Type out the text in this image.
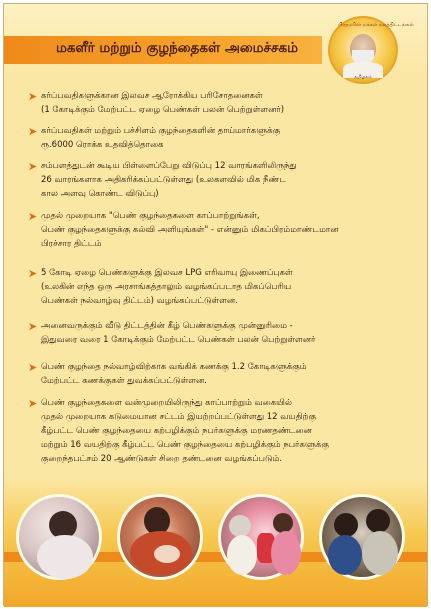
மகளீர் மற்றும் குழந்தைகள் அமைச்சகம்
பிரதமரின் மக்கள் நலத்திட்டங்கள்
தமிழகம்
➤ கர்ப்பவதிகளுக்கான இலவச ஆரோக்கிய பரிசோதனைகள்
(1 கோடிக்கும் மேற்பட்ட ஏழை பெண்கள் பலன் பெற்றுள்ளனர்)
➤ கர்ப்பவதிகள் மற்றும் பச்சிளம் குழந்தைகளின் தாய்மார்களுக்கு
ரூ.6000 ரொக்க உதவித்தொகை
➤ சம்பளத்துடன் கூடிய பிள்ளைப்பேறு விடுப்பு 12 வாரங்களிலிருந்து
26 வாரங்களாக அதிகரிக்கப்பட்டுள்ளது (உலகளவில் மிக நீண்ட
கால அளவு கொண்ட விடுப்பு)
➤ முதல் முறையாக "பெண் குழந்தைகளை காப்பாற்றுங்கள்,
பெண் குழந்தைகளுக்கு கல்வி அளியுங்கள்" - என்னும் மிகப்பிரம்மாண்டமான
பிரச்சார திட்டம்
➤ 5 கோடி ஏழை பெண்களுக்கு இலவச LPG எரிவாயு இணைப்புகள்
(உலகின் எந்த ஒரு அரசாங்கத்தாலும் வழங்கப்படாத மிகப்பெரிய
பெண்கள் நல்வாழ்வு திட்டம்) வழங்கப்பட்டுள்ளன.
➤ அனைவருக்கும் வீடு திட்டத்தின் கீழ் பெண்களுக்கு முன்னுரிமை -
இதுவரை வரை 1 கோடிக்கும் மேற்பட்ட பெண்கள் பலன் பெற்றுள்ளனர்
➤ பெண் குழந்தை நல்வாழ்விற்காக வங்கிக் கணக்கு 1.2 கோடிகளுக்கும்
மேற்பட்ட கணக்குகள் துவக்கப்பட்டுள்ளன.
➤ பெண் குழந்தைகளை வன்முறையிலிருந்து காப்பாற்றும் வகையில்
முதல் முறையாக கடுமையான சட்டம் இயற்றப்பட்டுள்ளது 12 வயதிற்கு
கீழ்பட்ட பெண் குழந்தையை கற்பழிக்கும் நபர்களுக்கு மரணதண்டனை
மற்றும் 16 வயதிற்கு கீழ்பட்ட பெண் குழந்தையை கற்பழிக்கும் நபர்களுக்கு
குறைந்தபட்சம் 20 ஆண்டுகள் சிறை தண்டனை வழங்கப்படும்.
